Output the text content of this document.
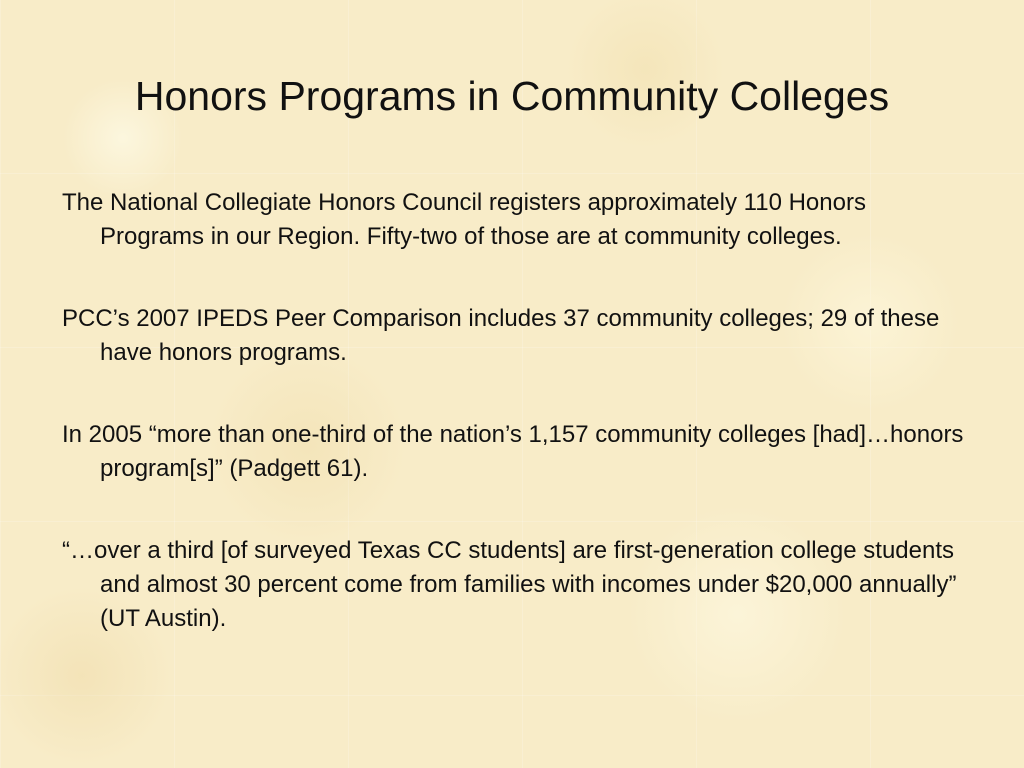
Honors Programs in Community Colleges
The National Collegiate Honors Council registers approximately 110 Honors Programs in our Region. Fifty-two of those are at community colleges.
PCC’s 2007 IPEDS Peer Comparison includes 37 community colleges; 29 of these have honors programs.
In 2005 “more than one-third of the nation’s 1,157 community colleges [had]…honors program[s]” (Padgett 61).
“…over a third [of surveyed Texas CC students] are first-generation college students and almost 30 percent come from families with incomes under $20,000 annually” (UT Austin).
